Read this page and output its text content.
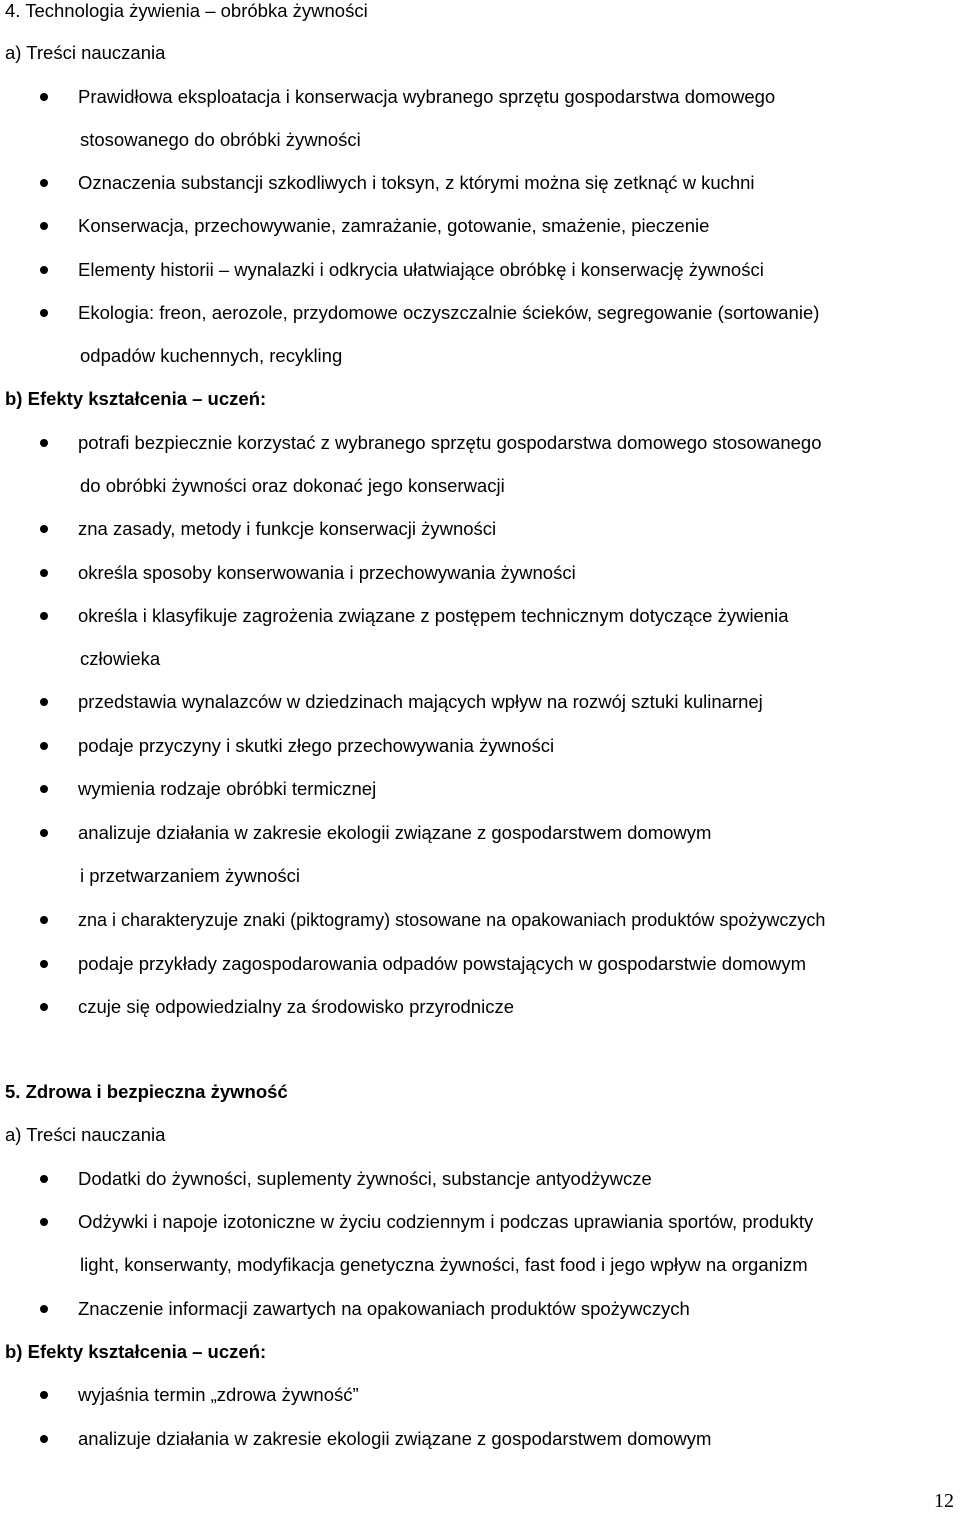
4. Technologia żywienia – obróbka żywności
a) Treści nauczania
Prawidłowa eksploatacja i konserwacja wybranego sprzętu gospodarstwa domowego
stosowanego do obróbki żywności
Oznaczenia substancji szkodliwych i toksyn, z którymi można się zetknąć w kuchni
Konserwacja, przechowywanie, zamrażanie, gotowanie, smażenie, pieczenie
Elementy historii – wynalazki i odkrycia ułatwiające obróbkę i konserwację żywności
Ekologia: freon, aerozole, przydomowe oczyszczalnie ścieków, segregowanie (sortowanie)
odpadów kuchennych, recykling
b) Efekty kształcenia – uczeń:
potrafi bezpiecznie korzystać z wybranego sprzętu gospodarstwa domowego stosowanego
do obróbki żywności oraz dokonać jego konserwacji
zna zasady, metody i funkcje konserwacji żywności
określa sposoby konserwowania i przechowywania żywności
określa i klasyfikuje zagrożenia związane z postępem technicznym dotyczące żywienia
człowieka
przedstawia wynalazców w dziedzinach mających wpływ na rozwój sztuki kulinarnej
podaje przyczyny i skutki złego przechowywania żywności
wymienia rodzaje obróbki termicznej
analizuje działania w zakresie ekologii związane z gospodarstwem domowym
i przetwarzaniem żywności
zna i charakteryzuje znaki (piktogramy) stosowane na opakowaniach produktów spożywczych
podaje przykłady zagospodarowania odpadów powstających w gospodarstwie domowym
czuje się odpowiedzialny za środowisko przyrodnicze
5. Zdrowa i bezpieczna żywność
a) Treści nauczania
Dodatki do żywności, suplementy żywności, substancje antyodżywcze
Odżywki i napoje izotoniczne w życiu codziennym i podczas uprawiania sportów, produkty
light, konserwanty, modyfikacja genetyczna żywności, fast food i jego wpływ na organizm
Znaczenie informacji zawartych na opakowaniach produktów spożywczych
b) Efekty kształcenia – uczeń:
wyjaśnia termin „zdrowa żywność”
analizuje działania w zakresie ekologii związane z gospodarstwem domowym
12
